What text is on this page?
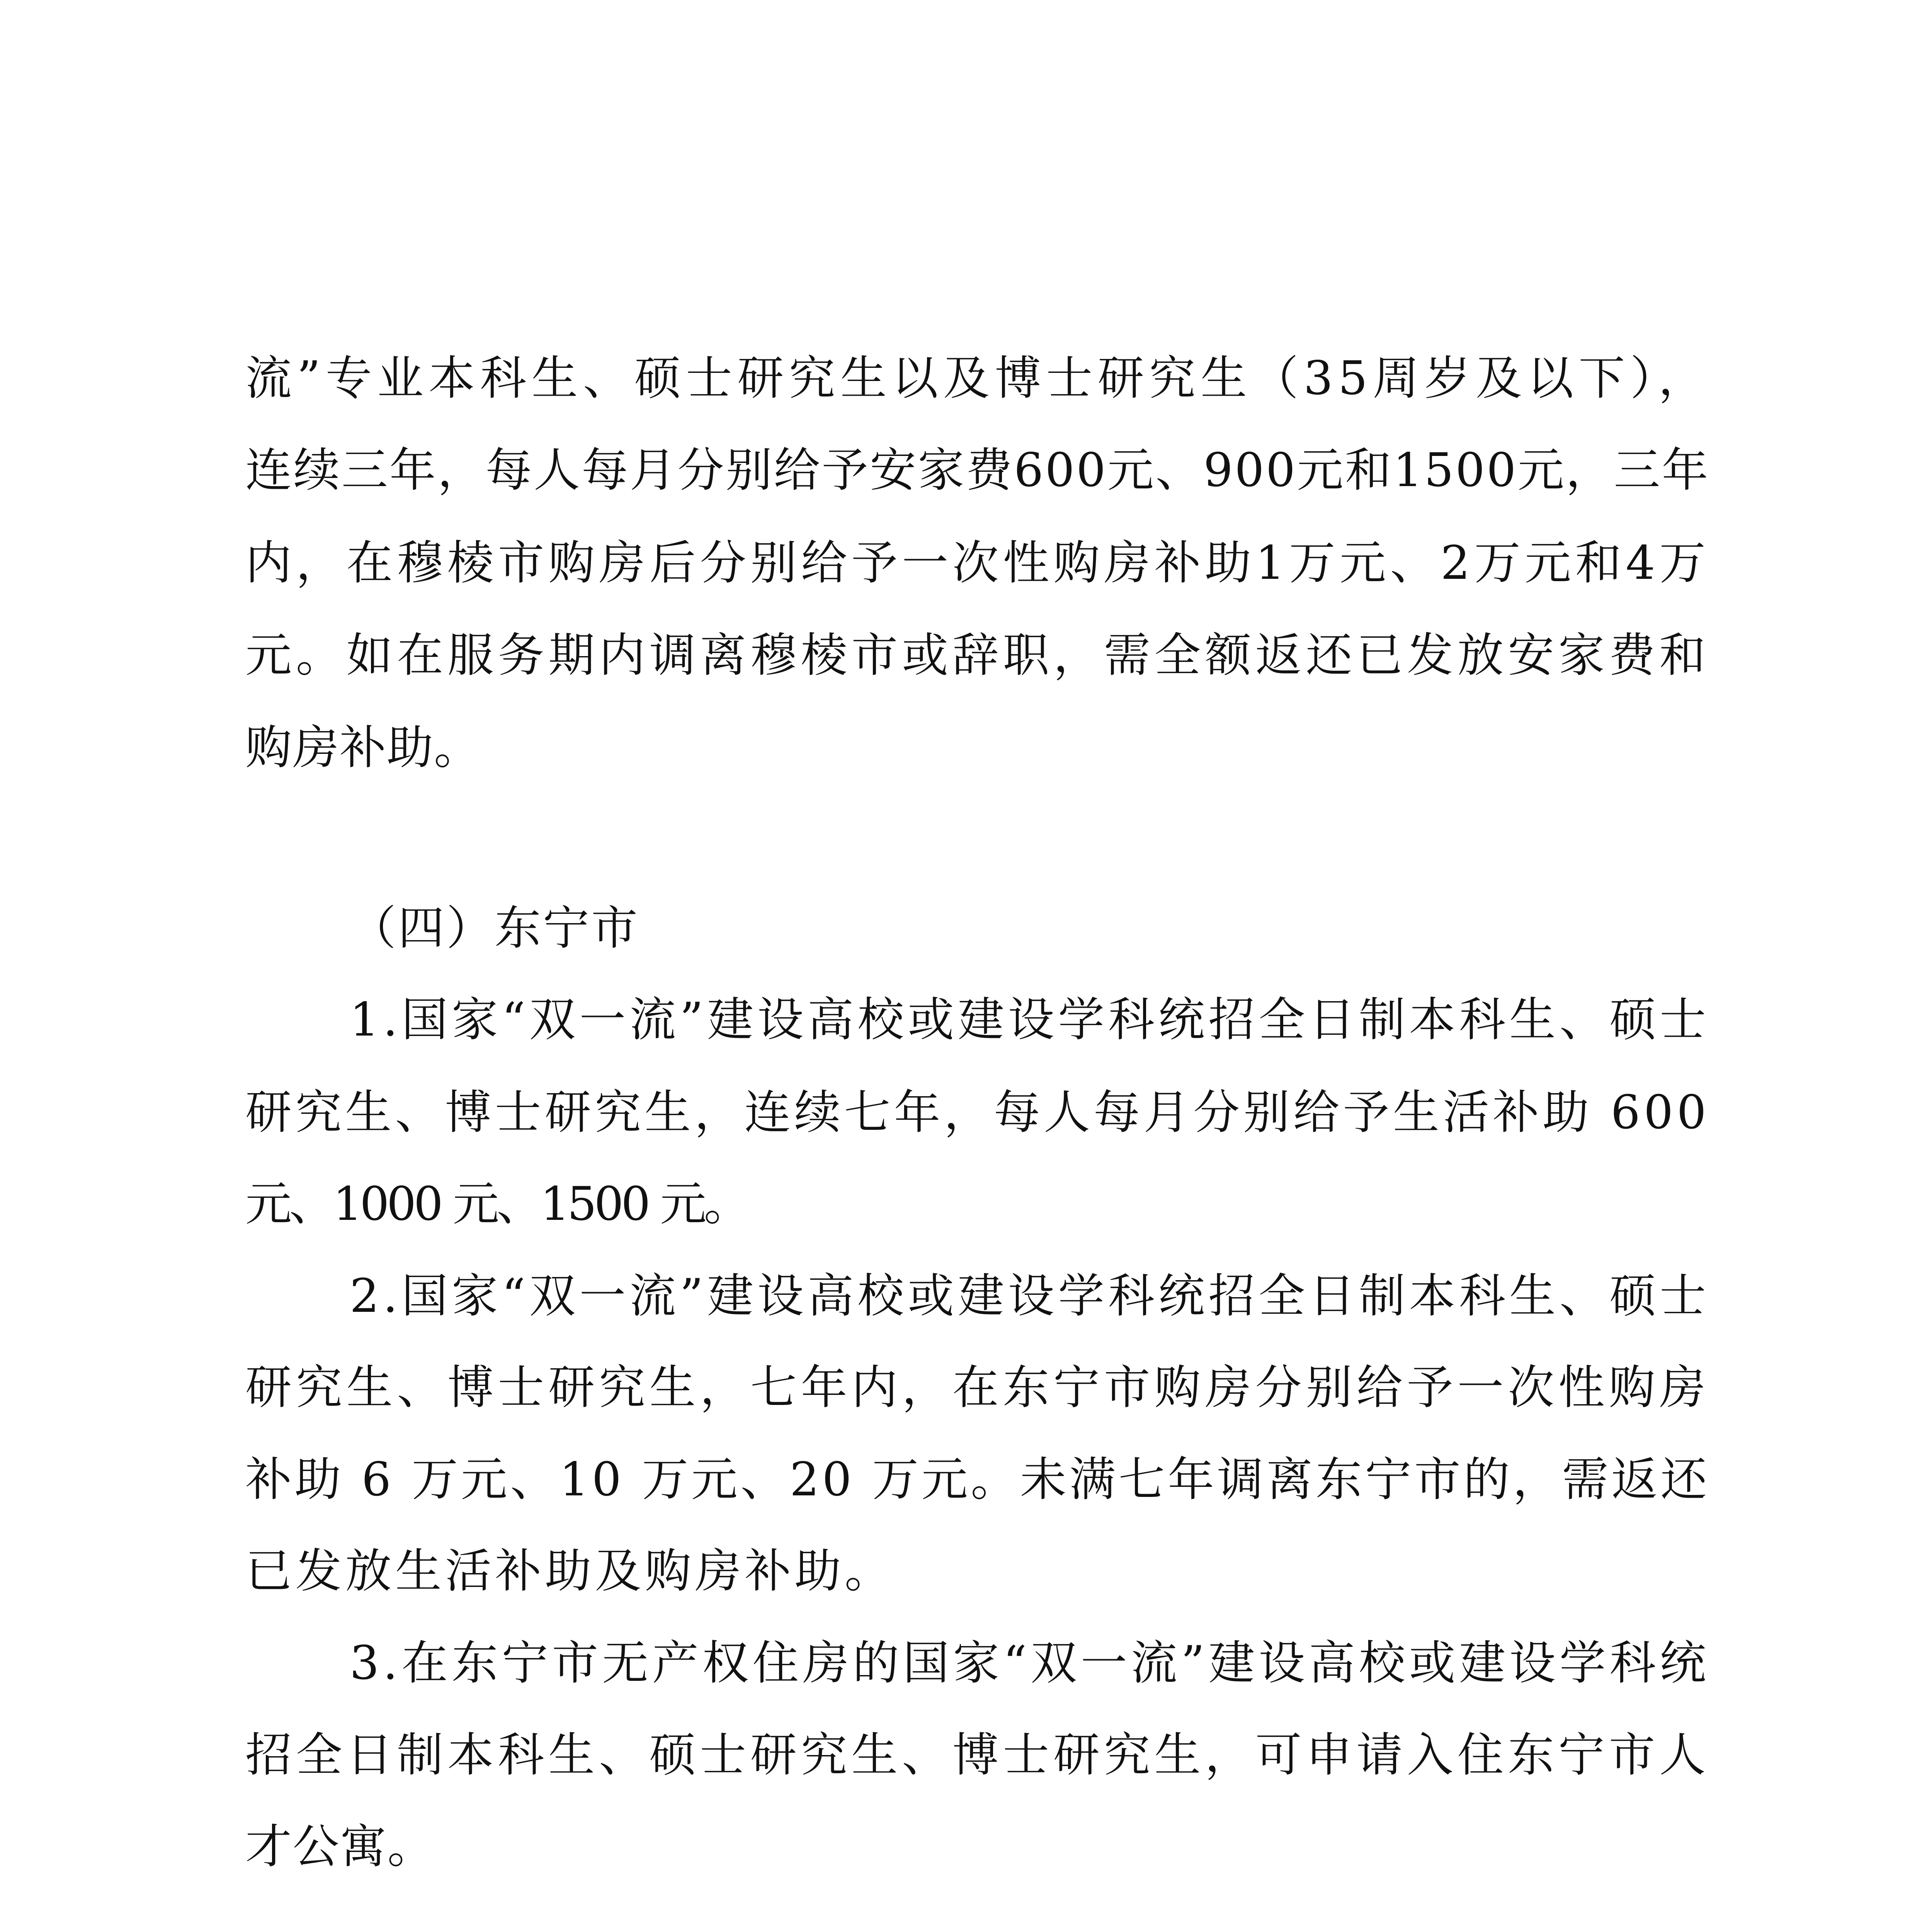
流”专业本科生、硕士研究生以及博士研究生（35周岁及以下），
连续三年，每人每月分别给予安家费600元、900元和1500元，三年
内，在穆棱市购房后分别给予一次性购房补助1万元、2万元和4万
元。如在服务期内调离穆棱市或辞职，需全额返还已发放安家费和
购房补助。
（四）东宁市
1.国家“双一流”建设高校或建设学科统招全日制本科生、硕士
研究生、博士研究生，连续七年，每人每月分别给予生活补助 600
元、1000 元、1500 元。
2.国家“双一流”建设高校或建设学科统招全日制本科生、硕士
研究生、博士研究生，七年内，在东宁市购房分别给予一次性购房
补助 6 万元、10 万元、20 万元。未满七年调离东宁市的，需返还
已发放生活补助及购房补助。
3.在东宁市无产权住房的国家“双一流”建设高校或建设学科统
招全日制本科生、硕士研究生、博士研究生，可申请入住东宁市人
才公寓。
